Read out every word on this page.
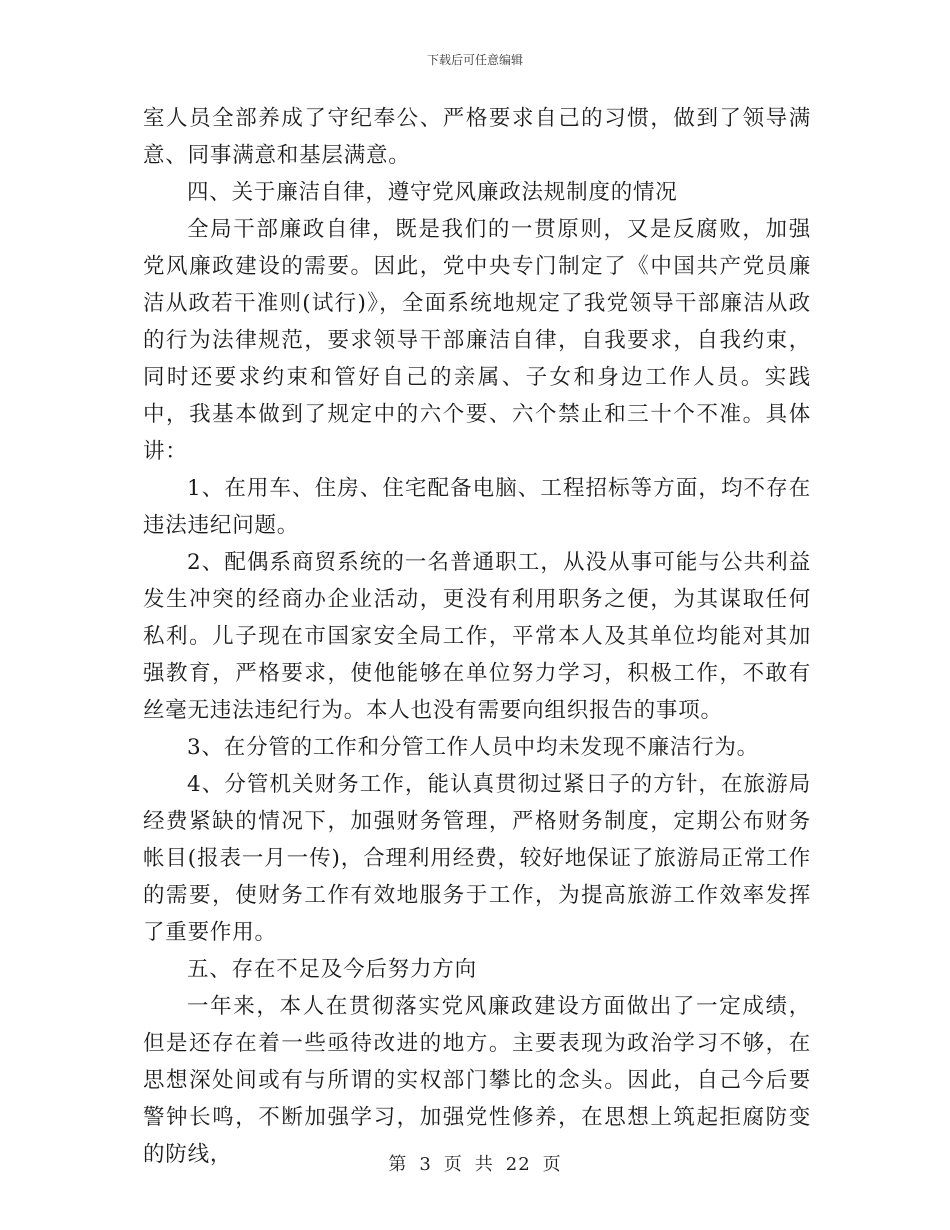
下载后可任意编辑

室人员全部养成了守纪奉公、严格要求自己的习惯，做到了领导满意、同事满意和基层满意。

四、关于廉洁自律，遵守党风廉政法规制度的情况

全局干部廉政自律，既是我们的一贯原则，又是反腐败，加强党风廉政建设的需要。因此，党中央专门制定了《中国共产党员廉洁从政若干准则(试行)》，全面系统地规定了我党领导干部廉洁从政的行为法律规范，要求领导干部廉洁自律，自我要求，自我约束，同时还要求约束和管好自己的亲属、子女和身边工作人员。实践中，我基本做到了规定中的六个要、六个禁止和三十个不准。具体讲：

1、在用车、住房、住宅配备电脑、工程招标等方面，均不存在违法违纪问题。

2、配偶系商贸系统的一名普通职工，从没从事可能与公共利益发生冲突的经商办企业活动，更没有利用职务之便，为其谋取任何私利。儿子现在市国家安全局工作，平常本人及其单位均能对其加强教育，严格要求，使他能够在单位努力学习，积极工作，不敢有丝毫无违法违纪行为。本人也没有需要向组织报告的事项。

3、在分管的工作和分管工作人员中均未发现不廉洁行为。

4、分管机关财务工作，能认真贯彻过紧日子的方针，在旅游局经费紧缺的情况下，加强财务管理，严格财务制度，定期公布财务帐目(报表一月一传)，合理利用经费，较好地保证了旅游局正常工作的需要，使财务工作有效地服务于工作，为提高旅游工作效率发挥了重要作用。

五、存在不足及今后努力方向

一年来，本人在贯彻落实党风廉政建设方面做出了一定成绩，但是还存在着一些亟待改进的地方。主要表现为政治学习不够，在思想深处间或有与所谓的实权部门攀比的念头。因此，自己今后要警钟长鸣，不断加强学习，加强党性修养，在思想上筑起拒腐防变的防线，	第 3 页 共 22 页
